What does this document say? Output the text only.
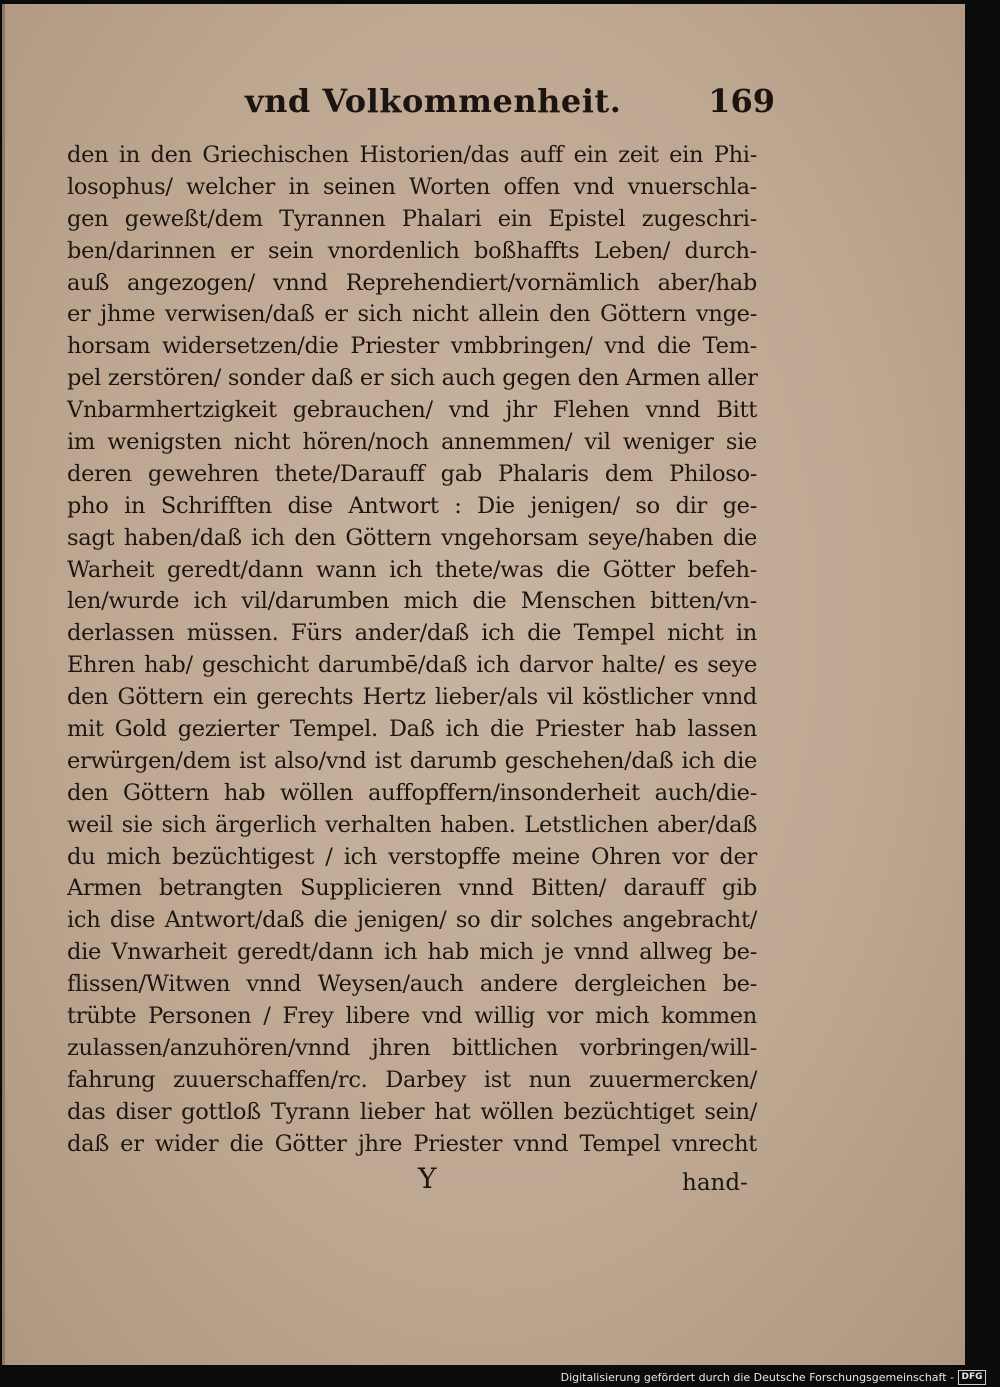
vnd Volkommenheit.	169
den in den Griechischen Historien/das auff ein zeit ein Phi-
losophus/ welcher in seinen Worten offen vnd vnuerschla-
gen geweßt/dem Tyrannen Phalari ein Epistel zugeschri-
ben/darinnen er sein vnordenlich boßhaffts Leben/ durch-
auß angezogen/ vnnd Reprehendiert/vornämlich aber/hab
er jhme verwisen/daß er sich nicht allein den Göttern vnge-
horsam widersetzen/die Priester vmbbringen/ vnd die Tem-
pel zerstören/ sonder daß er sich auch gegen den Armen aller
Vnbarmhertzigkeit gebrauchen/ vnd jhr Flehen vnnd Bitt
im wenigsten nicht hören/noch annemmen/ vil weniger sie
deren gewehren thete/Darauff gab Phalaris dem Philoso-
pho in Schrifften dise Antwort : Die jenigen/ so dir ge-
sagt haben/daß ich den Göttern vngehorsam seye/haben die
Warheit geredt/dann wann ich thete/was die Götter befeh-
len/wurde ich vil/darumben mich die Menschen bitten/vn-
derlassen müssen. Fürs ander/daß ich die Tempel nicht in
Ehren hab/ geschicht darumbē/daß ich darvor halte/ es seye
den Göttern ein gerechts Hertz lieber/als vil köstlicher vnnd
mit Gold gezierter Tempel. Daß ich die Priester hab lassen
erwürgen/dem ist also/vnd ist darumb geschehen/daß ich die
den Göttern hab wöllen auffopffern/insonderheit auch/die-
weil sie sich ärgerlich verhalten haben. Letstlichen aber/daß
du mich bezüchtigest / ich verstopffe meine Ohren vor der
Armen betrangten Supplicieren vnnd Bitten/ darauff gib
ich dise Antwort/daß die jenigen/ so dir solches angebracht/
die Vnwarheit geredt/dann ich hab mich je vnnd allweg be-
flissen/Witwen vnnd Weysen/auch andere dergleichen be-
trübte Personen / Frey libere vnd willig vor mich kommen
zulassen/anzuhören/vnnd jhren bittlichen vorbringen/will-
fahrung zuuerschaffen/rc. Darbey ist nun zuuermercken/
das diser gottloß Tyrann lieber hat wöllen bezüchtiget sein/
daß er wider die Götter jhre Priester vnnd Tempel vnrecht
Y	hand-
Digitalisierung gefördert durch die Deutsche Forschungsgemeinschaft - DFG
